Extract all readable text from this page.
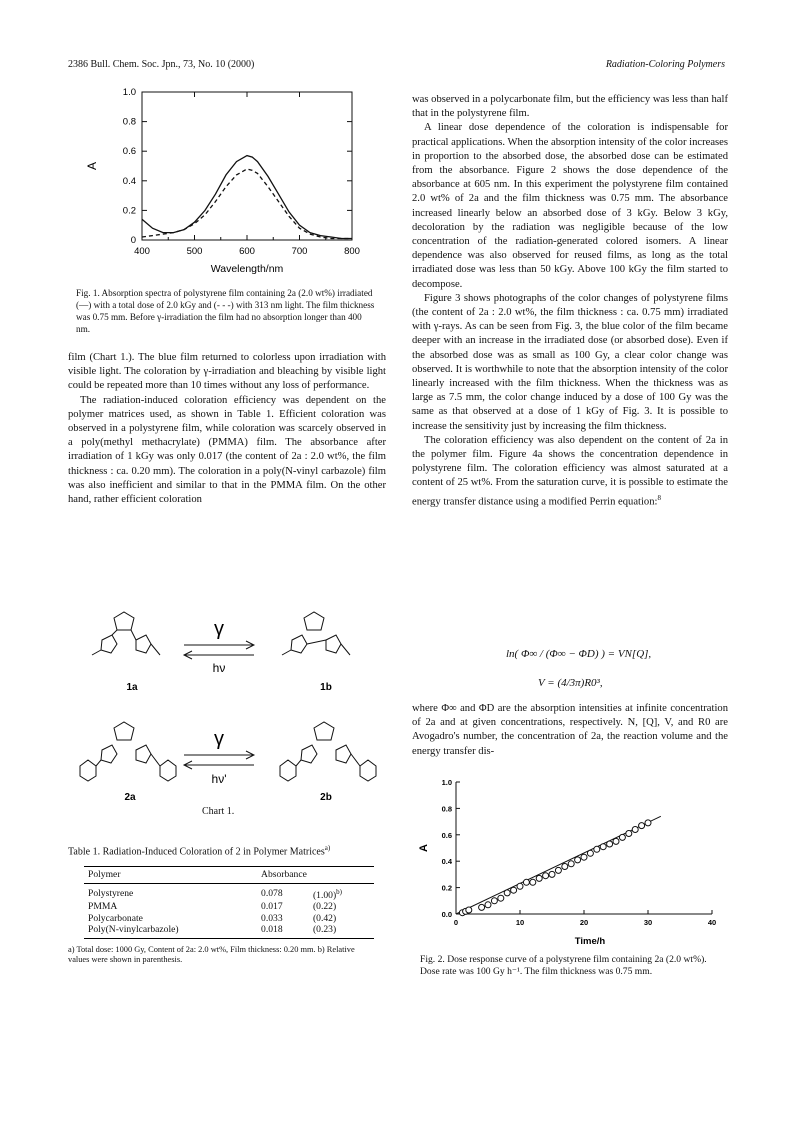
2386 Bull. Chem. Soc. Jpn., 73, No. 10 (2000)	Radiation-Coloring Polymers
400	500	600	700	800
0
0.2
0.4
0.6
0.8
1.0
A
Wavelength/nm
Fig. 1. Absorption spectra of polystyrene film containing 2a (2.0 wt%) irradiated (—) with a total dose of 2.0 kGy and (- - -) with 313 nm light. The film thickness was 0.75 mm. Before γ-irradiation the film had no absorption longer than 400 nm.

film (Chart 1.). The blue film returned to colorless upon irradiation with visible light. The coloration by γ-irradiation and bleaching by visible light could be repeated more than 10 times without any loss of performance.

The radiation-induced coloration efficiency was dependent on the polymer matrices used, as shown in Table 1. Efficient coloration was observed in a polystyrene film, while coloration was scarcely observed in a poly(methyl methacrylate) (PMMA) film. The absorbance after irradiation of 1 kGy was only 0.017 (the content of 2a : 2.0 wt%, the film thickness : ca. 0.20 mm). The coloration in a poly(N-vinyl carbazole) film was also inefficient and similar to that in the PMMA film. On the other hand, rather efficient coloration

γ
hν
γ
hν'
1a	1b
2a	2b
Chart 1.
Table 1. Radiation-Induced Coloration of 2 in Polymer Matrices$^{a)}$
Polymer	Absorbance	
Polystyrene	0.078	$(1.00)^{b)}$
PMMA	0.017	(0.22)
Polycarbonate	0.033	(0.42)
Poly(N-vinylcarbazole)	0.018	(0.23)
a) Total dose: 1000 Gy, Content of 2a: 2.0 wt%, Film thickness: 0.20 mm. b) Relative values were shown in parenthesis.

was observed in a polycarbonate film, but the efficiency was less than half that in the polystyrene film.

A linear dose dependence of the coloration is indispensable for practical applications. When the absorption intensity of the color increases in proportion to the absorbed dose, the absorbed dose can be estimated from the absorbance. Figure 2 shows the dose dependence of the absorbance at 605 nm. In this experiment the polystyrene film contained 2.0 wt% of 2a and the film thickness was 0.75 mm. The absorbance increased linearly below an absorbed dose of 3 kGy. Below 3 kGy, decoloration by the radiation was negligible because of the low concentration of the radiation-generated colored isomers. A linear dependence was also observed for reused films, as long as the total irradiated dose was less than 50 kGy. Above 100 kGy the film started to decompose.

Figure 3 shows photographs of the color changes of polystyrene films (the content of 2a : 2.0 wt%, the film thickness : ca. 0.75 mm) irradiated with γ-rays. As can be seen from Fig. 3, the blue color of the film became deeper with an increase in the irradiated dose (or absorbed dose). Even if the absorbed dose was as small as 100 Gy, a clear color change was observed. It is worthwhile to note that the absorption intensity of the color linearly increased with the film thickness. When the thickness was as large as 7.5 mm, the color change induced by a dose of 100 Gy was the same as that observed at a dose of 1 kGy of Fig. 3. It is possible to increase the sensitivity just by increasing the film thickness.

The coloration efficiency was also dependent on the content of 2a in the polymer film. Figure 4a shows the concentration dependence in polystyrene film. The coloration efficiency was almost saturated at a content of 25 wt%. From the saturation curve, it is possible to estimate the energy transfer distance using a modified Perrin equation:$^8$

ln( Φ∞ / (Φ∞ − ΦD) ) = VN[Q],
V = (4/3π)R0³,

where Φ∞ and ΦD are the absorption intensities at infinite concentration of 2a and at given concentrations, respectively. N, [Q], V, and R0 are Avogadro's number, the concentration of 2a, the reaction volume and the energy transfer dis-

0	10	20	30	40
0.0
0.2
0.4
0.6
0.8
1.0
A
Time/h
Fig. 2. Dose response curve of a polystyrene film containing 2a (2.0 wt%). Dose rate was 100 Gy h⁻¹. The film thickness was 0.75 mm.
